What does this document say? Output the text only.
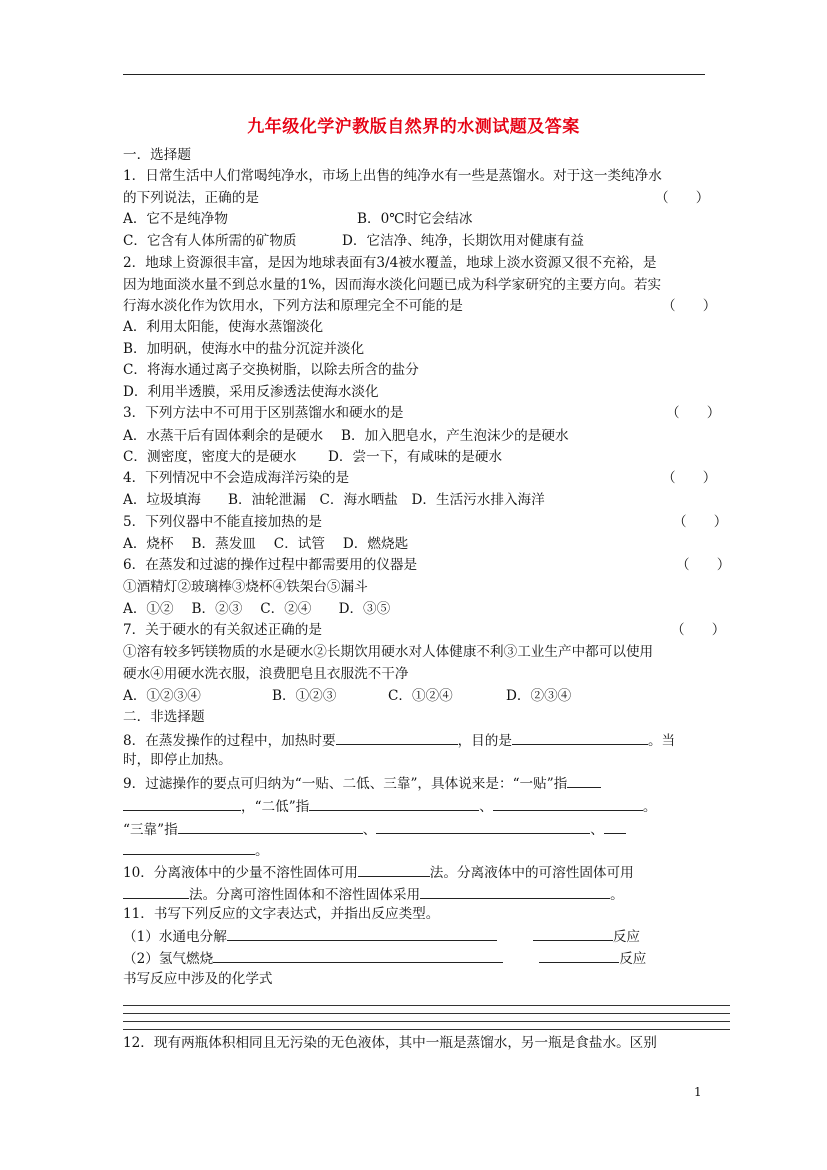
九年级化学沪教版自然界的水测试题及答案
一．选择题
1．日常生活中人们常喝纯净水，市场上出售的纯净水有一些是蒸馏水。对于这一类纯净水
的下列说法，正确的是	（　　）
A．它不是纯净物	B．0℃时它会结冰
C．它含有人体所需的矿物质	D．它洁净、纯净，长期饮用对健康有益
2．地球上资源很丰富，是因为地球表面有3/4被水覆盖，地球上淡水资源又很不充裕，是
因为地面淡水量不到总水量的1%，因而海水淡化问题已成为科学家研究的主要方向。若实
行海水淡化作为饮用水，下列方法和原理完全不可能的是	（　　）
A．利用太阳能，使海水蒸馏淡化
B．加明矾，使海水中的盐分沉淀并淡化
C．将海水通过离子交换树脂，以除去所含的盐分
D．利用半透膜，采用反渗透法使海水淡化
3．下列方法中不可用于区别蒸馏水和硬水的是	（　　）
A．水蒸干后有固体剩余的是硬水　 B．加入肥皂水，产生泡沫少的是硬水
C．测密度，密度大的是硬水　　 D．尝一下，有咸味的是硬水
4．下列情况中不会造成海洋污染的是	（　　）
A．垃圾填海　　B．油轮泄漏　C．海水晒盐　D．生活污水排入海洋
5．下列仪器中不能直接加热的是	（　　）
A．烧杯　 B．蒸发皿　 C．试管　 D．燃烧匙
6．在蒸发和过滤的操作过程中都需要用的仪器是	（　　）
①酒精灯②玻璃棒③烧杯④铁架台⑤漏斗
A．①②　 B．②③　 C．②④　　D．③⑤
7．关于硬水的有关叙述正确的是	（　　）
①溶有较多钙镁物质的水是硬水②长期饮用硬水对人体健康不利③工业生产中都可以使用
硬水④用硬水洗衣服，浪费肥皂且衣服洗不干净
A．①②③④	B．①②③	C．①②④	D．②③④
二．非选择题
8．在蒸发操作的过程中，加热时要	，目的是	。当
时，即停止加热。
9．过滤操作的要点可归纳为“一贴、二低、三靠”，具体说来是：“一贴”指
，“二低”指	、	。
“三靠”指	、	、
。
10．分离液体中的少量不溶性固体可用	法。分离液体中的可溶性固体可用
法。分离可溶性固体和不溶性固体采用	。
11．书写下列反应的文字表达式，并指出反应类型。
（1）水通电分解	反应
（2）氢气燃烧	反应
书写反应中涉及的化学式
12．现有两瓶体积相同且无污染的无色液体，其中一瓶是蒸馏水，另一瓶是食盐水。区别
1
